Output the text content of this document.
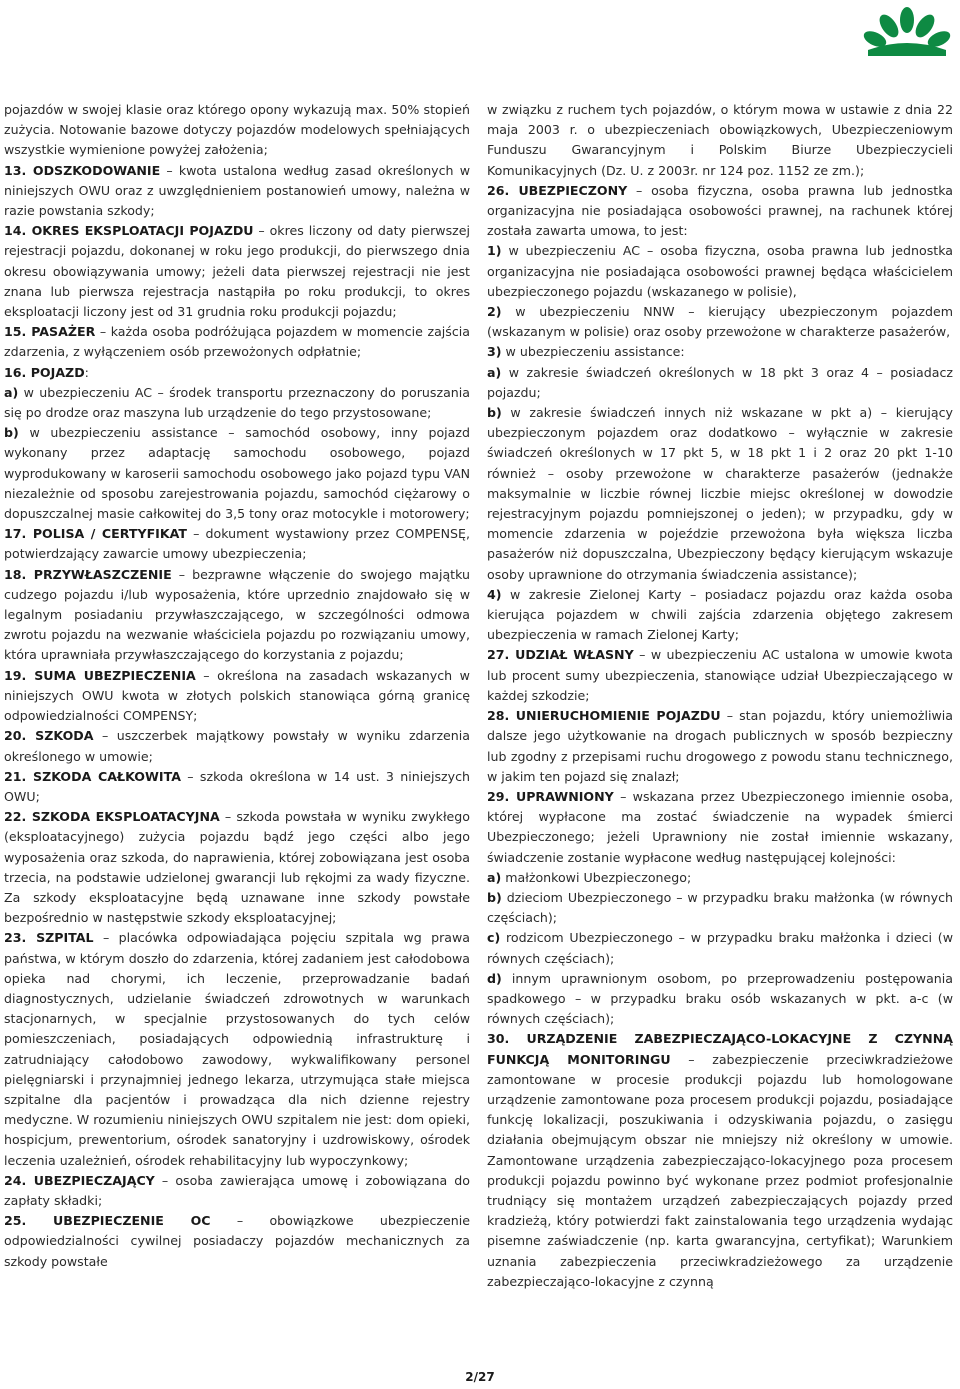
pojazdów w swojej klasie oraz którego opony wykazują max. 50% stopień zużycia. Notowanie bazowe dotyczy pojazdów modelowych spełniających wszystkie wymienione powyżej założenia;

13. ODSZKODOWANIE – kwota ustalona według zasad określonych w niniejszych OWU oraz z uwzględnieniem postanowień umowy, należna w razie powstania szkody;

14. OKRES EKSPLOATACJI POJAZDU – okres liczony od daty pierwszej rejestracji pojazdu, dokonanej w roku jego produkcji, do pierwszego dnia okresu obowiązywania umowy; jeżeli data pierwszej rejestracji nie jest znana lub pierwsza rejestracja nastąpiła po roku produkcji, to okres eksploatacji liczony jest od 31 grudnia roku produkcji pojazdu;

15. PASAŻER – każda osoba podróżująca pojazdem w momencie zajścia zdarzenia, z wyłączeniem osób przewożonych odpłatnie;

16. POJAZD:

a) w ubezpieczeniu AC – środek transportu przeznaczony do poruszania się po drodze oraz maszyna lub urządzenie do tego przystosowane;

b) w ubezpieczeniu assistance – samochód osobowy, inny pojazd wykonany przez adaptację samochodu osobowego, pojazd wyprodukowany w karoserii samochodu osobowego jako pojazd typu VAN niezależnie od sposobu zarejestrowania pojazdu, samochód ciężarowy o dopuszczalnej masie całkowitej do 3,5 tony oraz motocykle i motorowery;

17. POLISA / CERTYFIKAT – dokument wystawiony przez COMPENSĘ, potwierdzający zawarcie umowy ubezpieczenia;

18. PRZYWŁASZCZENIE – bezprawne włączenie do swojego majątku cudzego pojazdu i/lub wyposażenia, które uprzednio znajdowało się w legalnym posiadaniu przywłaszczającego, w szczególności odmowa zwrotu pojazdu na wezwanie właściciela pojazdu po rozwiązaniu umowy, która uprawniała przywłaszczającego do korzystania z pojazdu;

19. SUMA UBEZPIECZENIA – określona na zasadach wskazanych w niniejszych OWU kwota w złotych polskich stanowiąca górną granicę odpowiedzialności COMPENSY;

20. SZKODA – uszczerbek majątkowy powstały w wyniku zdarzenia określonego w umowie;

21. SZKODA CAŁKOWITA – szkoda określona w 14 ust. 3 niniejszych OWU;

22. SZKODA EKSPLOATACYJNA – szkoda powstała w wyniku zwykłego (eksploatacyjnego) zużycia pojazdu bądź jego części albo jego wyposażenia oraz szkoda, do naprawienia, której zobowiązana jest osoba trzecia, na podstawie udzielonej gwarancji lub rękojmi za wady fizyczne. Za szkody eksploatacyjne będą uznawane inne szkody powstałe bezpośrednio w następstwie szkody eksploatacyjnej;

23. SZPITAL – placówka odpowiadająca pojęciu szpitala wg prawa państwa, w którym doszło do zdarzenia, której zadaniem jest całodobowa opieka nad chorymi, ich leczenie, przeprowadzanie badań diagnostycznych, udzielanie świadczeń zdrowotnych w warunkach stacjonarnych, w specjalnie przystosowanych do tych celów pomieszczeniach, posiadających odpowiednią infrastrukturę i zatrudniający całodobowo zawodowy, wykwalifikowany personel pielęgniarski i przynajmniej jednego lekarza, utrzymująca stałe miejsca szpitalne dla pacjentów i prowadząca dla nich dzienne rejestry medyczne. W rozumieniu niniejszych OWU szpitalem nie jest: dom opieki, hospicjum, prewentorium, ośrodek sanatoryjny i uzdrowiskowy, ośrodek leczenia uzależnień, ośrodek rehabilitacyjny lub wypoczynkowy;

24. UBEZPIECZAJĄCY – osoba zawierająca umowę i zobowiązana do zapłaty składki;

25. UBEZPIECZENIE OC – obowiązkowe ubezpieczenie odpowiedzialności cywilnej posiadaczy pojazdów mechanicznych za szkody powstałe

w związku z ruchem tych pojazdów, o którym mowa w ustawie z dnia 22 maja 2003 r. o ubezpieczeniach obowiązkowych, Ubezpieczeniowym Funduszu Gwarancyjnym i Polskim Biurze Ubezpieczycieli Komunikacyjnych (Dz. U. z 2003r. nr 124 poz. 1152 ze zm.);

26. UBEZPIECZONY – osoba fizyczna, osoba prawna lub jednostka organizacyjna nie posiadająca osobowości prawnej, na rachunek której została zawarta umowa, to jest:

1) w ubezpieczeniu AC – osoba fizyczna, osoba prawna lub jednostka organizacyjna nie posiadająca osobowości prawnej będąca właścicielem ubezpieczonego pojazdu (wskazanego w polisie),

2) w ubezpieczeniu NNW – kierujący ubezpieczonym pojazdem (wskazanym w polisie) oraz osoby przewożone w charakterze pasażerów,

3) w ubezpieczeniu assistance:

a) w zakresie świadczeń określonych w 18 pkt 3 oraz 4 – posiadacz pojazdu;

b) w zakresie świadczeń innych niż wskazane w pkt a) – kierujący ubezpieczonym pojazdem oraz dodatkowo – wyłącznie w zakresie świadczeń określonych w 17 pkt 5, w 18 pkt 1 i 2 oraz 20 pkt 1-10 również – osoby przewożone w charakterze pasażerów (jednakże maksymalnie w liczbie równej liczbie miejsc określonej w dowodzie rejestracyjnym pojazdu pomniejszonej o jeden); w przypadku, gdy w momencie zdarzenia w pojeździe przewożona była większa liczba pasażerów niż dopuszczalna, Ubezpieczony będący kierującym wskazuje osoby uprawnione do otrzymania świadczenia assistance);

4) w zakresie Zielonej Karty – posiadacz pojazdu oraz każda osoba kierująca pojazdem w chwili zajścia zdarzenia objętego zakresem ubezpieczenia w ramach Zielonej Karty;

27. UDZIAŁ WŁASNY – w ubezpieczeniu AC ustalona w umowie kwota lub procent sumy ubezpieczenia, stanowiące udział Ubezpieczającego w każdej szkodzie;

28. UNIERUCHOMIENIE POJAZDU – stan pojazdu, który uniemożliwia dalsze jego użytkowanie na drogach publicznych w sposób bezpieczny lub zgodny z przepisami ruchu drogowego z powodu stanu technicznego, w jakim ten pojazd się znalazł;

29. UPRAWNIONY – wskazana przez Ubezpieczonego imiennie osoba, której wypłacone ma zostać świadczenie na wypadek śmierci Ubezpieczonego; jeżeli Uprawniony nie został imiennie wskazany, świadczenie zostanie wypłacone według następującej kolejności:

a) małżonkowi Ubezpieczonego;

b) dzieciom Ubezpieczonego – w przypadku braku małżonka (w równych częściach);

c) rodzicom Ubezpieczonego – w przypadku braku małżonka i dzieci (w równych częściach);

d) innym uprawnionym osobom, po przeprowadzeniu postępowania spadkowego – w przypadku braku osób wskazanych w pkt. a-c (w równych częściach);

30. URZĄDZENIE ZABEZPIECZAJĄCO-LOKACYJNE Z CZYNNĄ FUNKCJĄ MONITORINGU – zabezpieczenie przeciwkradzieżowe zamontowane w procesie produkcji pojazdu lub homologowane urządzenie zamontowane poza procesem produkcji pojazdu, posiadające funkcję lokalizacji, poszukiwania i odzyskiwania pojazdu, o zasięgu działania obejmującym obszar nie mniejszy niż określony w umowie. Zamontowane urządzenia zabezpieczająco-lokacyjnego poza procesem produkcji pojazdu powinno być wykonane przez podmiot profesjonalnie trudniący się montażem urządzeń zabezpieczających pojazdy przed kradzieżą, który potwierdzi fakt zainstalowania tego urządzenia wydając pisemne zaświadczenie (np. karta gwarancyjna, certyfikat); Warunkiem uznania zabezpieczenia przeciwkradzieżowego za urządzenie zabezpieczająco-lokacyjne z czynną

2/27
